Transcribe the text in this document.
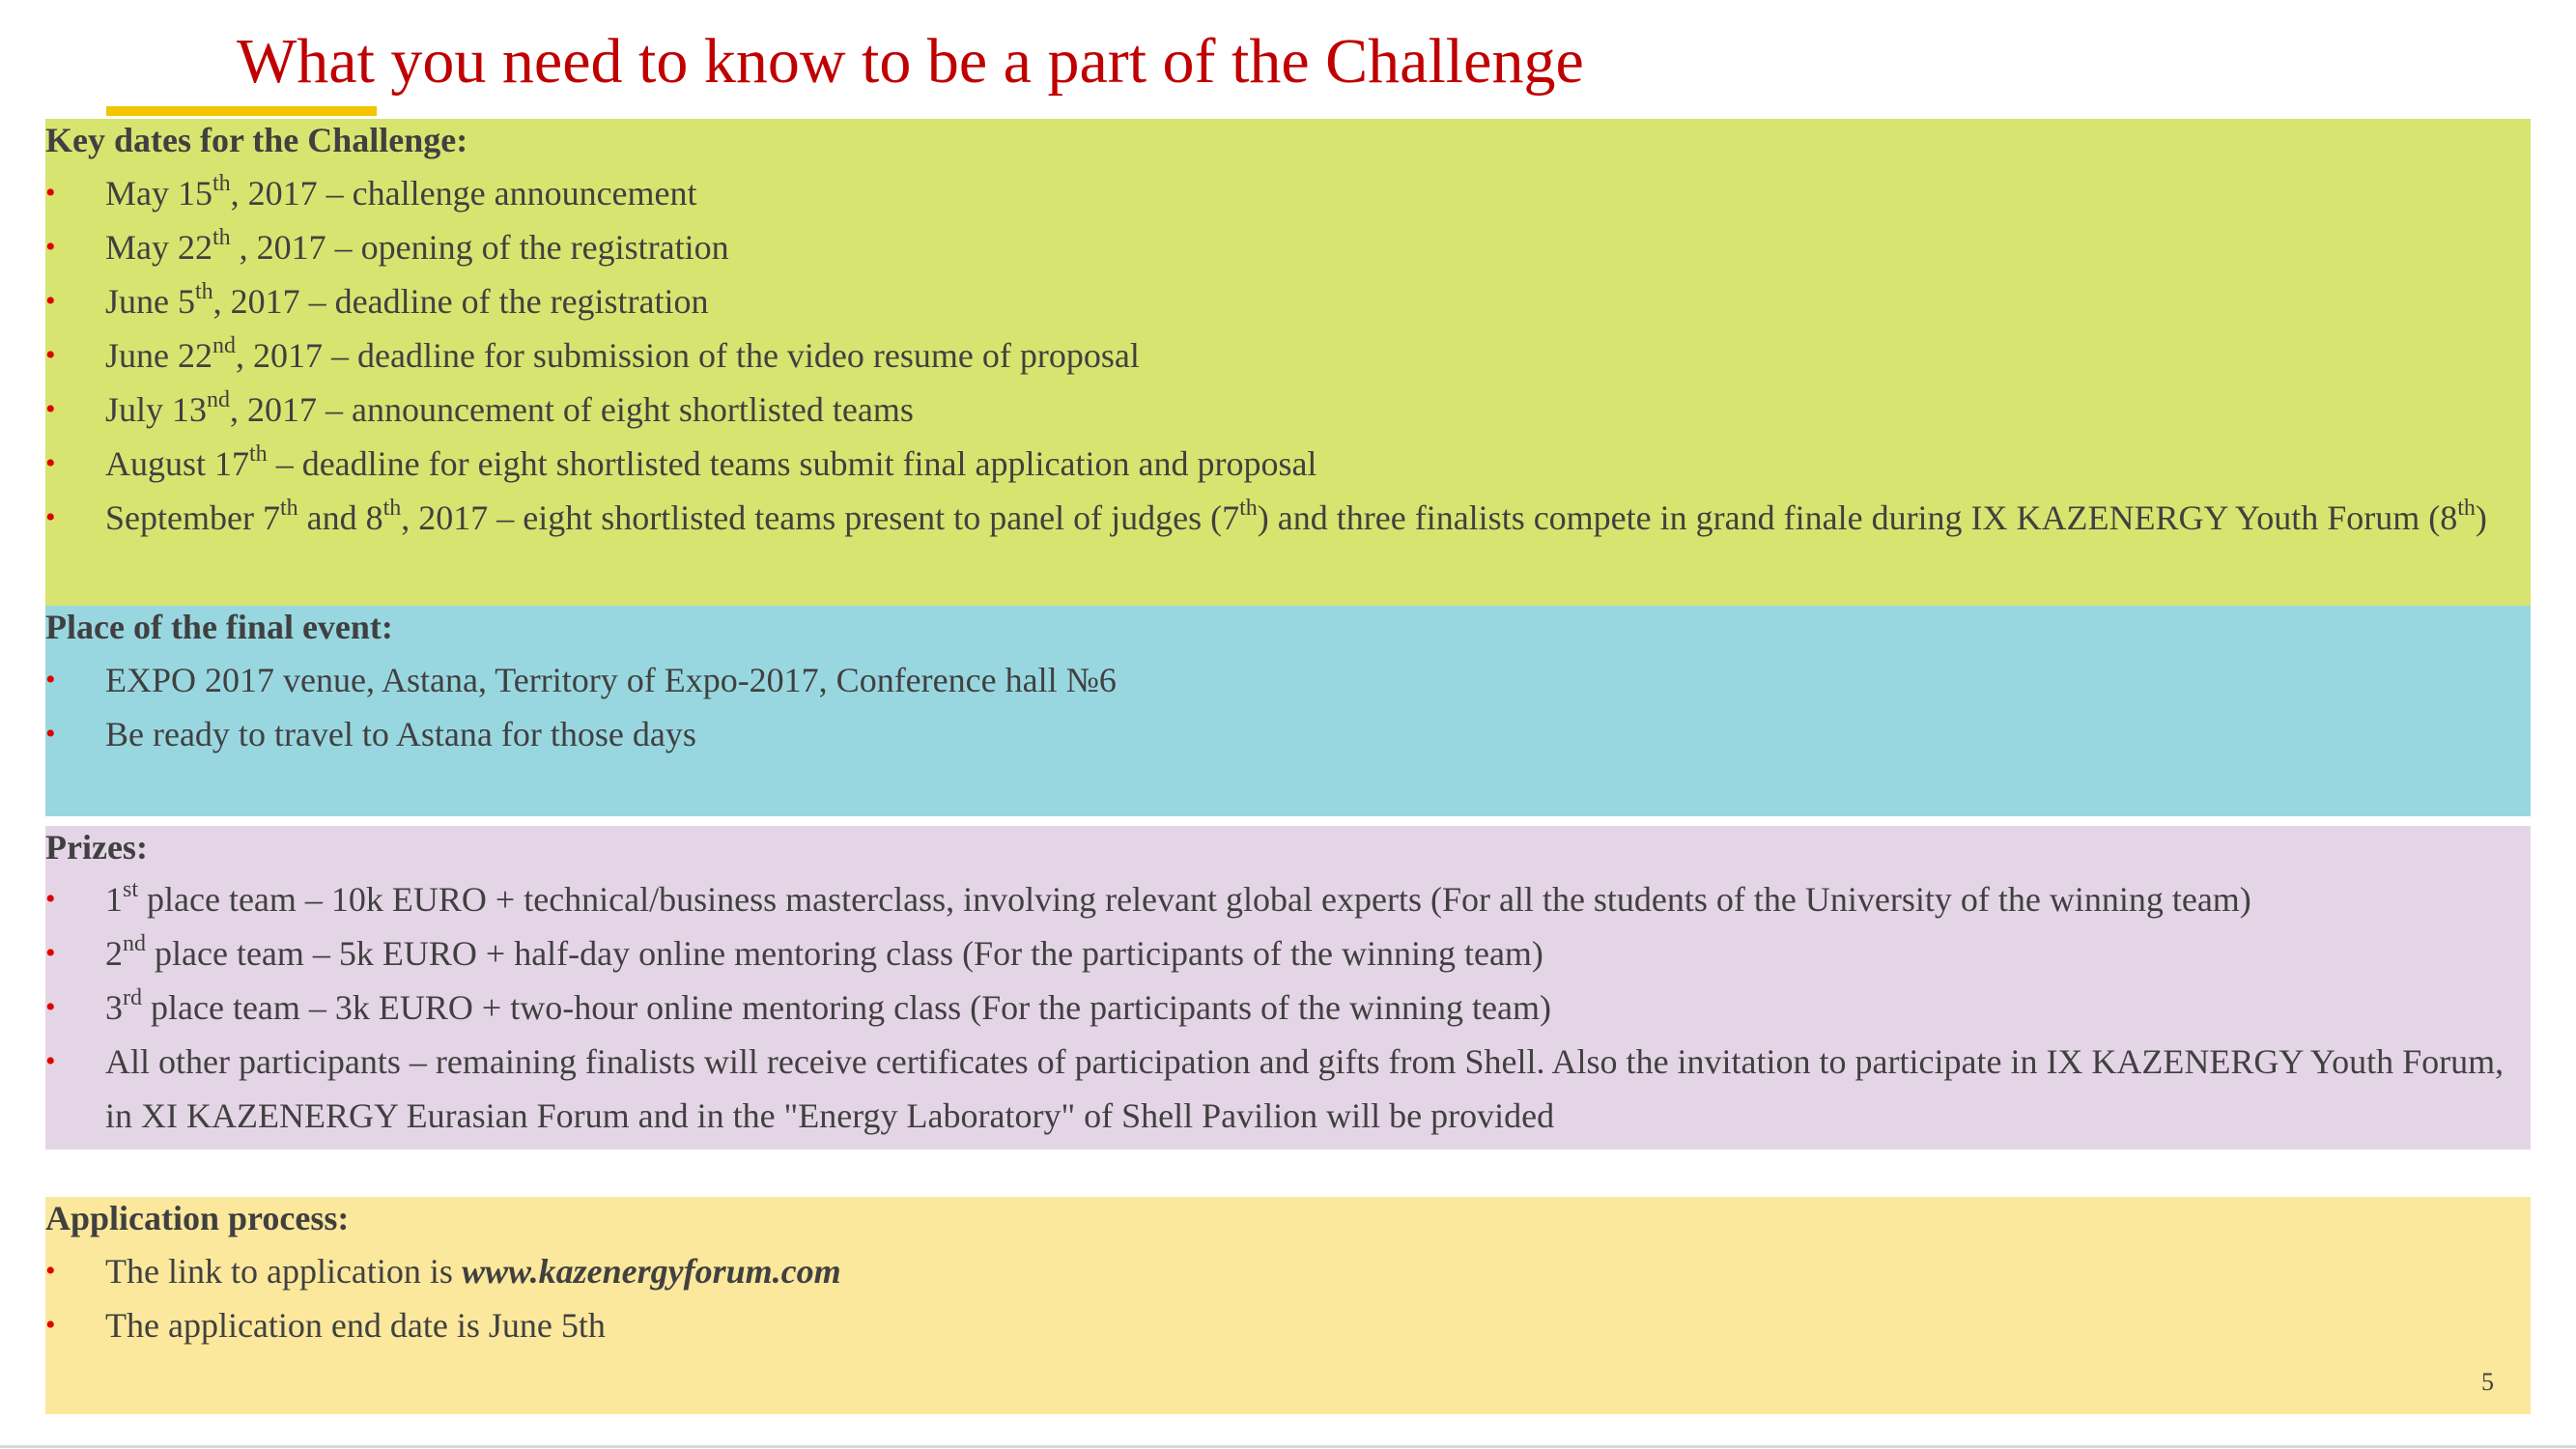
What you need to know to be a part of the Challenge
Key dates for the Challenge:
• May 15th, 2017 – challenge announcement
• May 22th , 2017 – opening of the registration
• June 5th, 2017 – deadline of the registration
• June 22nd, 2017 – deadline for submission of the video resume of proposal
• July 13nd, 2017 – announcement of eight shortlisted teams
• August 17th – deadline for eight shortlisted teams submit final application and proposal
• September 7th and 8th, 2017 – eight shortlisted teams present to panel of judges (7th) and three finalists compete in grand finale during IX KAZENERGY Youth Forum (8th)
Place of the final event:
• EXPO 2017 venue, Astana, Territory of Expo-2017, Conference hall №6
• Be ready to travel to Astana for those days
Prizes:
• 1st place team – 10k EURO + technical/business masterclass, involving relevant global experts (For all the students of the University of the winning team)
• 2nd place team – 5k EURO + half-day online mentoring class (For the participants of the winning team)
• 3rd place team – 3k EURO + two-hour online mentoring class (For the participants of the winning team)
• All other participants – remaining finalists will receive certificates of participation and gifts from Shell. Also the invitation to participate in IX KAZENERGY Youth Forum, in XI KAZENERGY Eurasian Forum and in the "Energy Laboratory" of Shell Pavilion will be provided
Application process:
• The link to application is www.kazenergyforum.com
• The application end date is June 5th
5
